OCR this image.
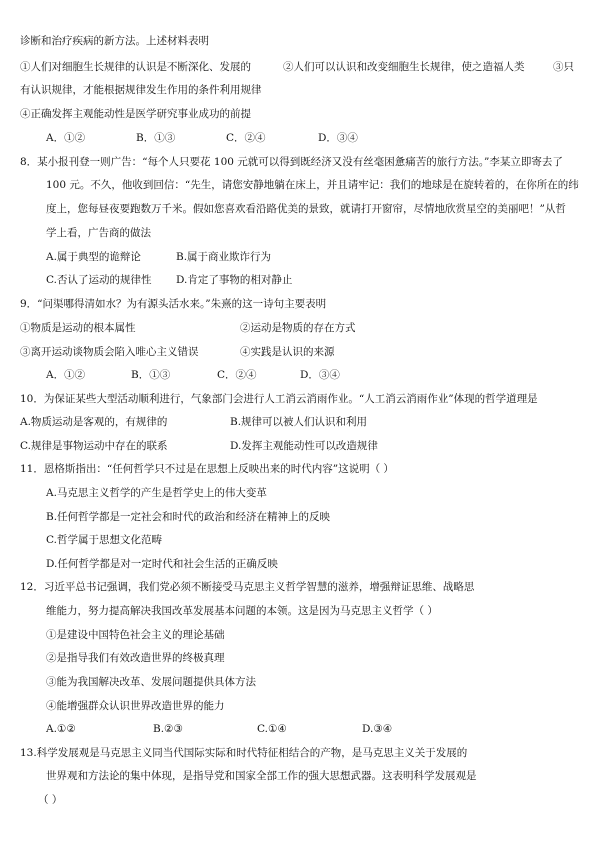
诊断和治疗疾病的新方法。上述材料表明
①人们对细胞生长规律的认识是不断深化、发展的	②人们可以认识和改变细胞生长规律，使之造福人类	③只
有认识规律，才能根据规律发生作用的条件利用规律
④正确发挥主观能动性是医学研究事业成功的前提
A．①②	B．①③	C．②④	D．③④
8．某小报刊登一则广告：“每个人只要花 100 元就可以得到既经济又没有丝毫困惫痛苦的旅行方法。”李某立即寄去了
100 元。不久，他收到回信：“先生，请您安静地躺在床上，并且请牢记：我们的地球是在旋转着的，在你所在的纬
度上，您每昼夜要跑数万千米。假如您喜欢看沿路优美的景致，就请打开窗帘，尽情地欣赏星空的美丽吧！”从哲
学上看，广告商的做法
A.属于典型的诡辩论	B.属于商业欺诈行为
C.否认了运动的规律性 D.肯定了事物的相对静止
9．“问渠哪得清如水？为有源头活水来。”朱熹的这一诗句主要表明
①物质是运动的根本属性	②运动是物质的存在方式
③离开运动谈物质会陷入唯心主义错误	④实践是认识的来源
A．①②	B．①③	C．②④	D．③④
10．为保证某些大型活动顺利进行，气象部门会进行人工消云消雨作业。“人工消云消雨作业”体现的哲学道理是
A.物质运动是客观的，有规律的	B.规律可以被人们认识和利用
C.规律是事物运动中存在的联系	D.发挥主观能动性可以改造规律
11．恩格斯指出：“任何哲学只不过是在思想上反映出来的时代内容”这说明（ ）
A.马克思主义哲学的产生是哲学史上的伟大变革
B.任何哲学都是一定社会和时代的政治和经济在精神上的反映
C.哲学属于思想文化范畴
D.任何哲学都是对一定时代和社会生活的正确反映
12．习近平总书记强调，我们党必须不断接受马克思主义哲学智慧的滋养，增强辩证思维、战略思
维能力，努力提高解决我国改革发展基本问题的本领。这是因为马克思主义哲学（ ）
①是建设中国特色社会主义的理论基础
②是指导我们有效改造世界的终极真理
③能为我国解决改革、发展问题提供具体方法
④能增强群众认识世界改造世界的能力
A.①②	B.②③	C.①④	D.③④
13.科学发展观是马克思主义同当代国际实际和时代特征相结合的产物，是马克思主义关于发展的
世界观和方法论的集中体现，是指导党和国家全部工作的强大思想武器。这表明科学发展观是
（ ）
